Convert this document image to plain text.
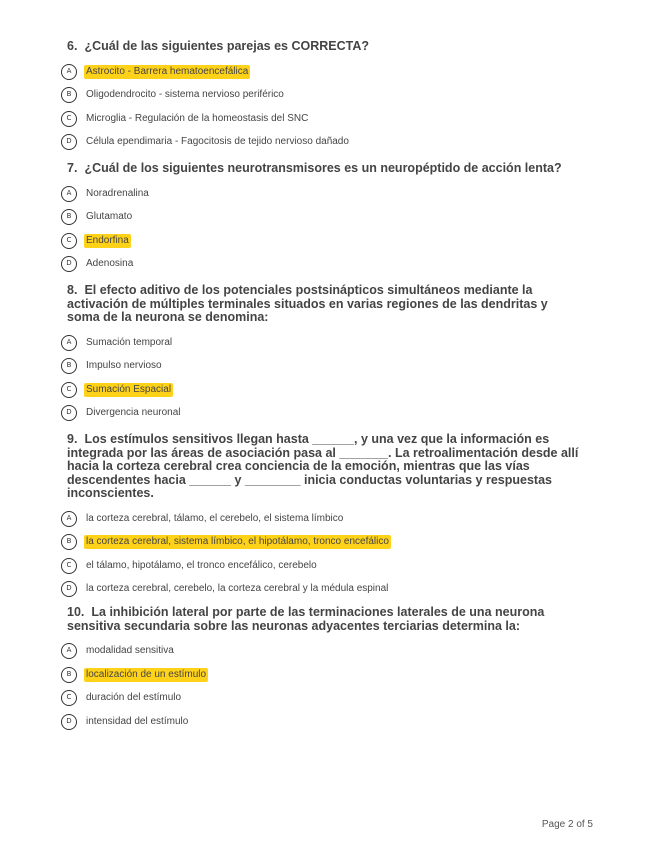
6. ¿Cuál de las siguientes parejas es CORRECTA?
A	Astrocito - Barrera hematoencefálica
B	Oligodendrocito - sistema nervioso periférico
C	Microglia - Regulación de la homeostasis del SNC
D	Célula ependimaria - Fagocitosis de tejido nervioso dañado
7. ¿Cuál de los siguientes neurotransmisores es un neuropéptido de acción lenta?
A	Noradrenalina
B	Glutamato
C	Endorfina
D	Adenosina
8. El efecto aditivo de los potenciales postsinápticos simultáneos mediante la activación de múltiples terminales situados en varias regiones de las dendritas y soma de la neurona se denomina:
A	Sumación temporal
B	Impulso nervioso
C	Sumación Espacial
D	Divergencia neuronal
9. Los estímulos sensitivos llegan hasta ______, y una vez que la información es integrada por las áreas de asociación pasa al _______. La retroalimentación desde allí hacia la corteza cerebral crea conciencia de la emoción, mientras que las vías descendentes hacia ______ y ________ inicia conductas voluntarias y respuestas inconscientes.
A	la corteza cerebral, tálamo, el cerebelo, el sistema límbico
B	la corteza cerebral, sistema límbico, el hipotálamo, tronco encefálico
C	el tálamo, hipotálamo, el tronco encefálico, cerebelo
D	la corteza cerebral, cerebelo, la corteza cerebral y la médula espinal
10. La inhibición lateral por parte de las terminaciones laterales de una neurona sensitiva secundaria sobre las neuronas adyacentes terciarias determina la:
A	modalidad sensitiva
B	localización de un estímulo
C	duración del estímulo
D	intensidad del estímulo
Page 2 of 5
